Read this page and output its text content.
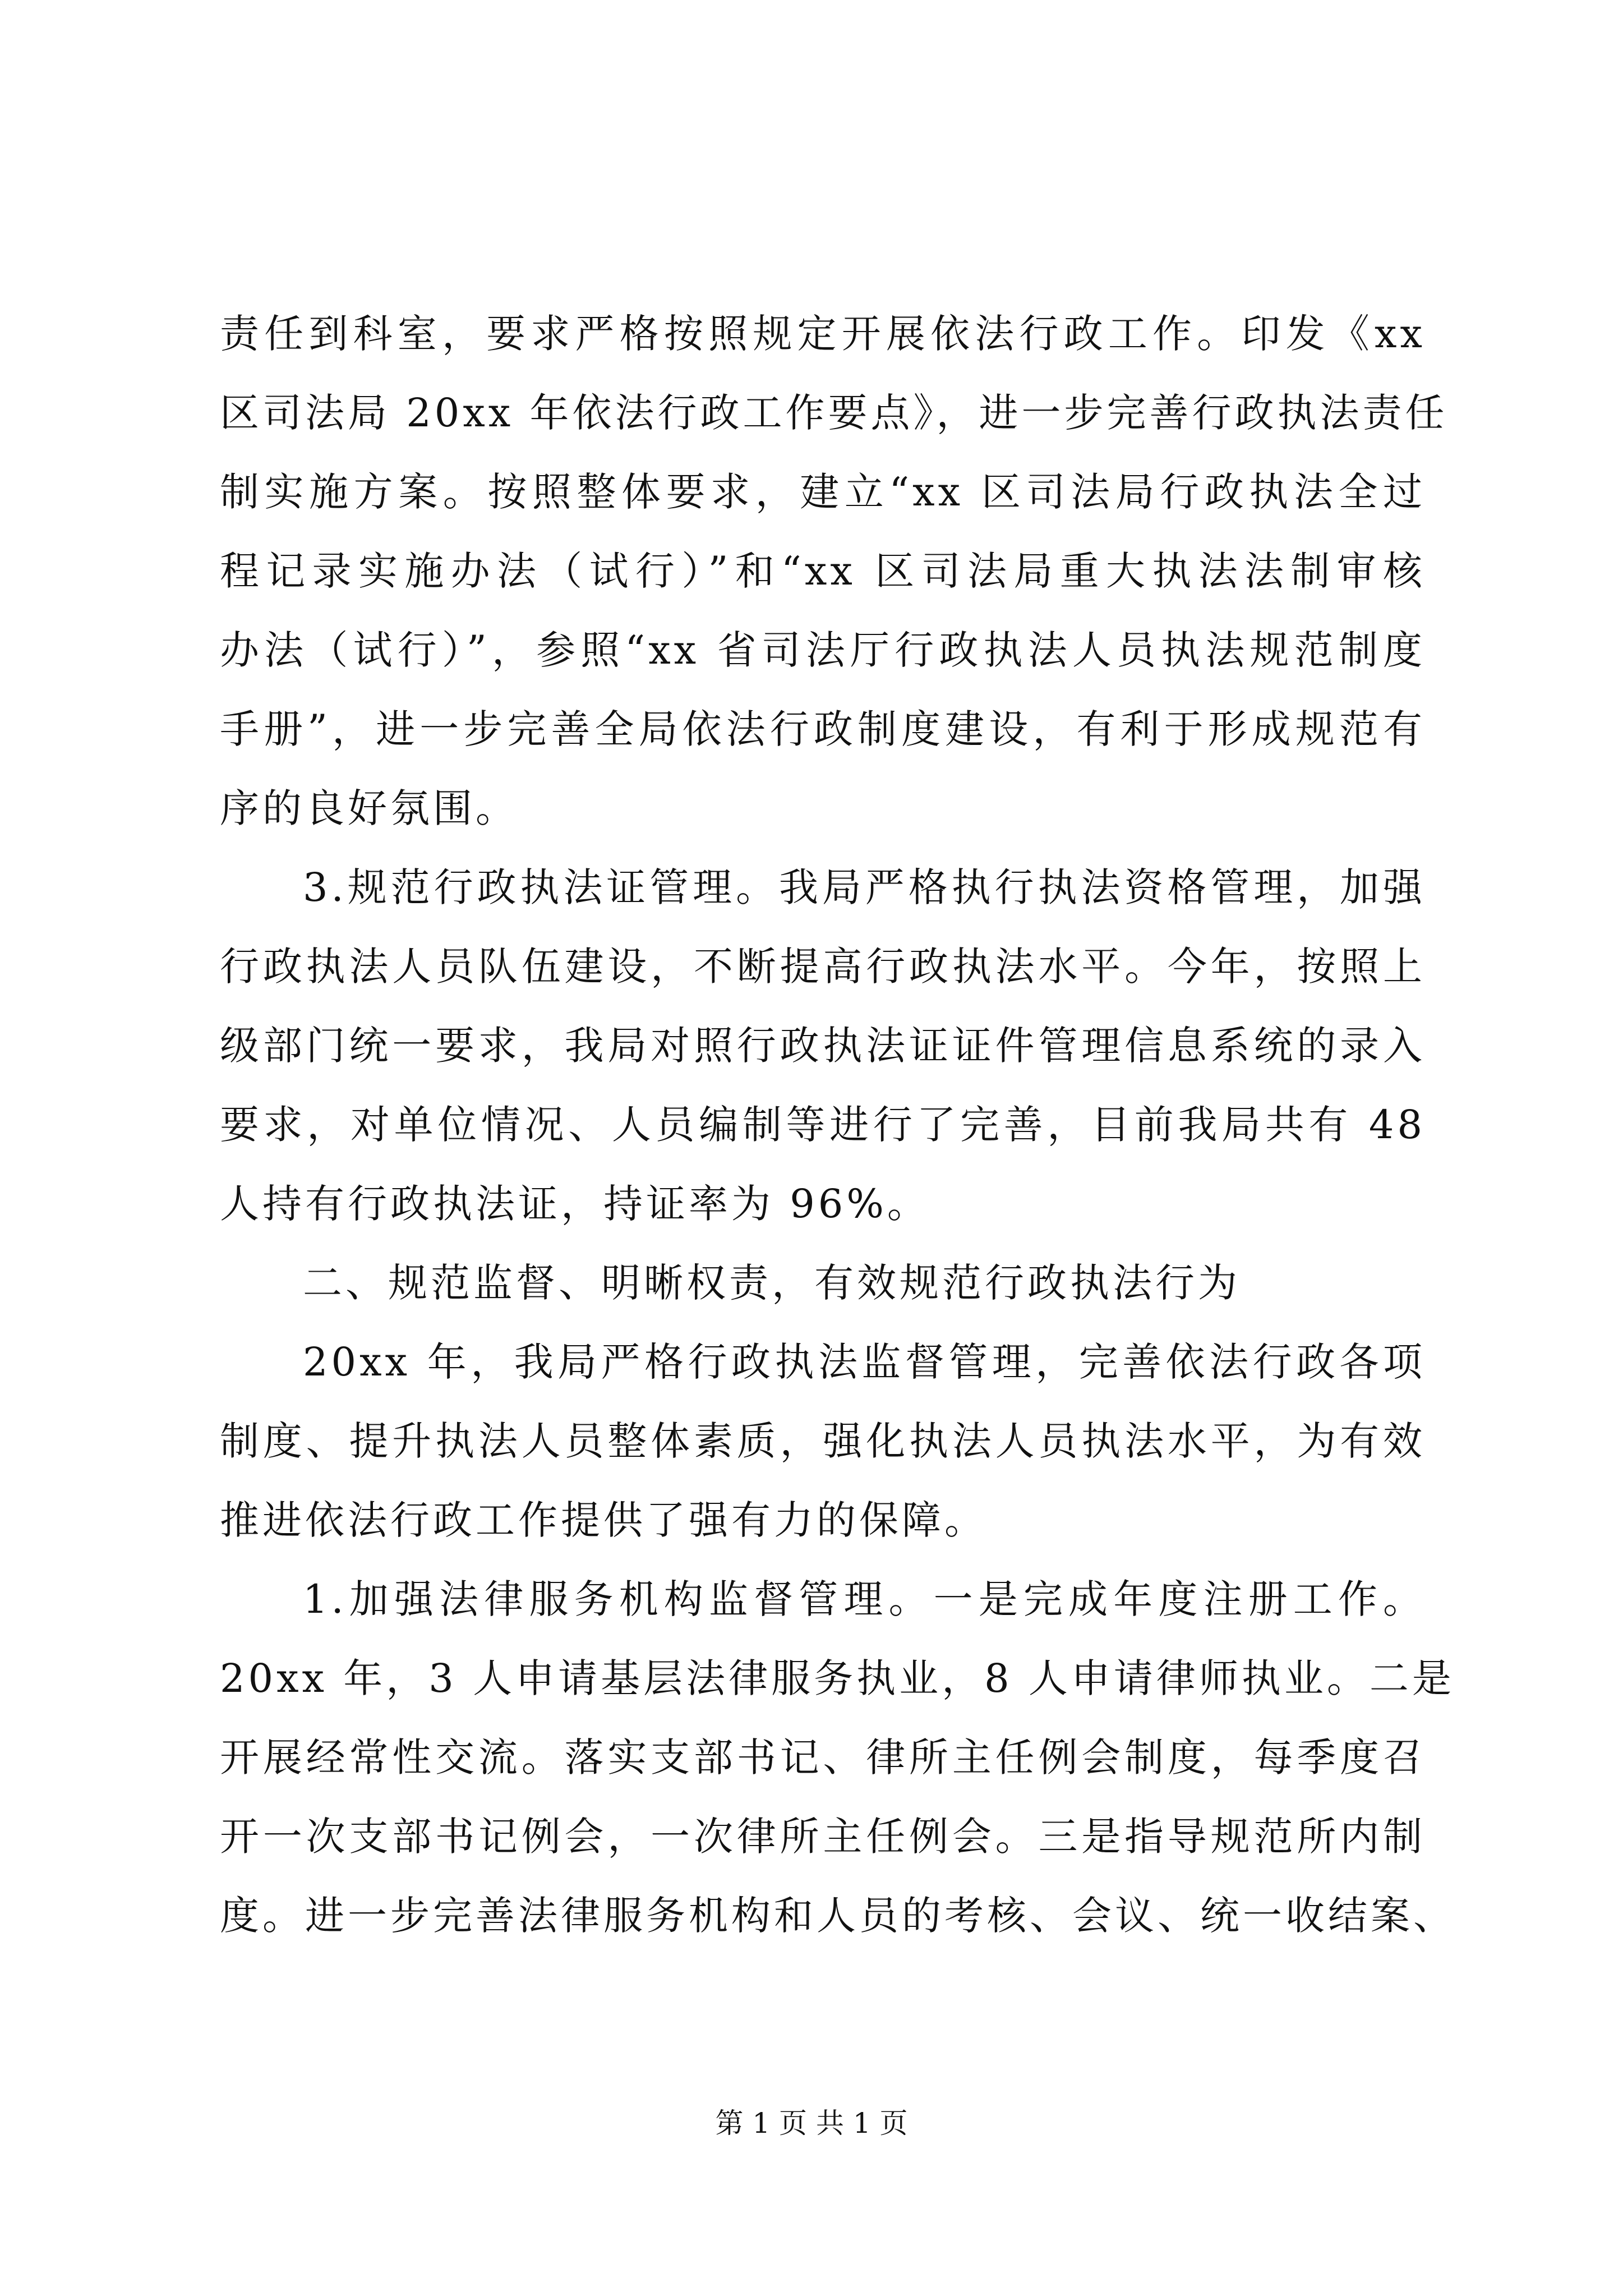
责任到科室，要求严格按照规定开展依法行政工作。印发《xx
区司法局 20xx 年依法行政工作要点》，进一步完善行政执法责任
制实施方案。按照整体要求，建立“xx 区司法局行政执法全过
程记录实施办法（试行）”和“xx 区司法局重大执法法制审核
办法（试行）”，参照“xx 省司法厅行政执法人员执法规范制度
手册”，进一步完善全局依法行政制度建设，有利于形成规范有
序的良好氛围。
3.规范行政执法证管理。我局严格执行执法资格管理，加强
行政执法人员队伍建设，不断提高行政执法水平。今年，按照上
级部门统一要求，我局对照行政执法证证件管理信息系统的录入
要求，对单位情况、人员编制等进行了完善，目前我局共有 48
人持有行政执法证，持证率为 96%。
二、规范监督、明晰权责，有效规范行政执法行为
20xx 年，我局严格行政执法监督管理，完善依法行政各项
制度、提升执法人员整体素质，强化执法人员执法水平，为有效
推进依法行政工作提供了强有力的保障。
1.加强法律服务机构监督管理。一是完成年度注册工作。
20xx 年，3 人申请基层法律服务执业，8 人申请律师执业。二是
开展经常性交流。落实支部书记、律所主任例会制度，每季度召
开一次支部书记例会，一次律所主任例会。三是指导规范所内制
度。进一步完善法律服务机构和人员的考核、会议、统一收结案、
第 1 页 共 1 页
